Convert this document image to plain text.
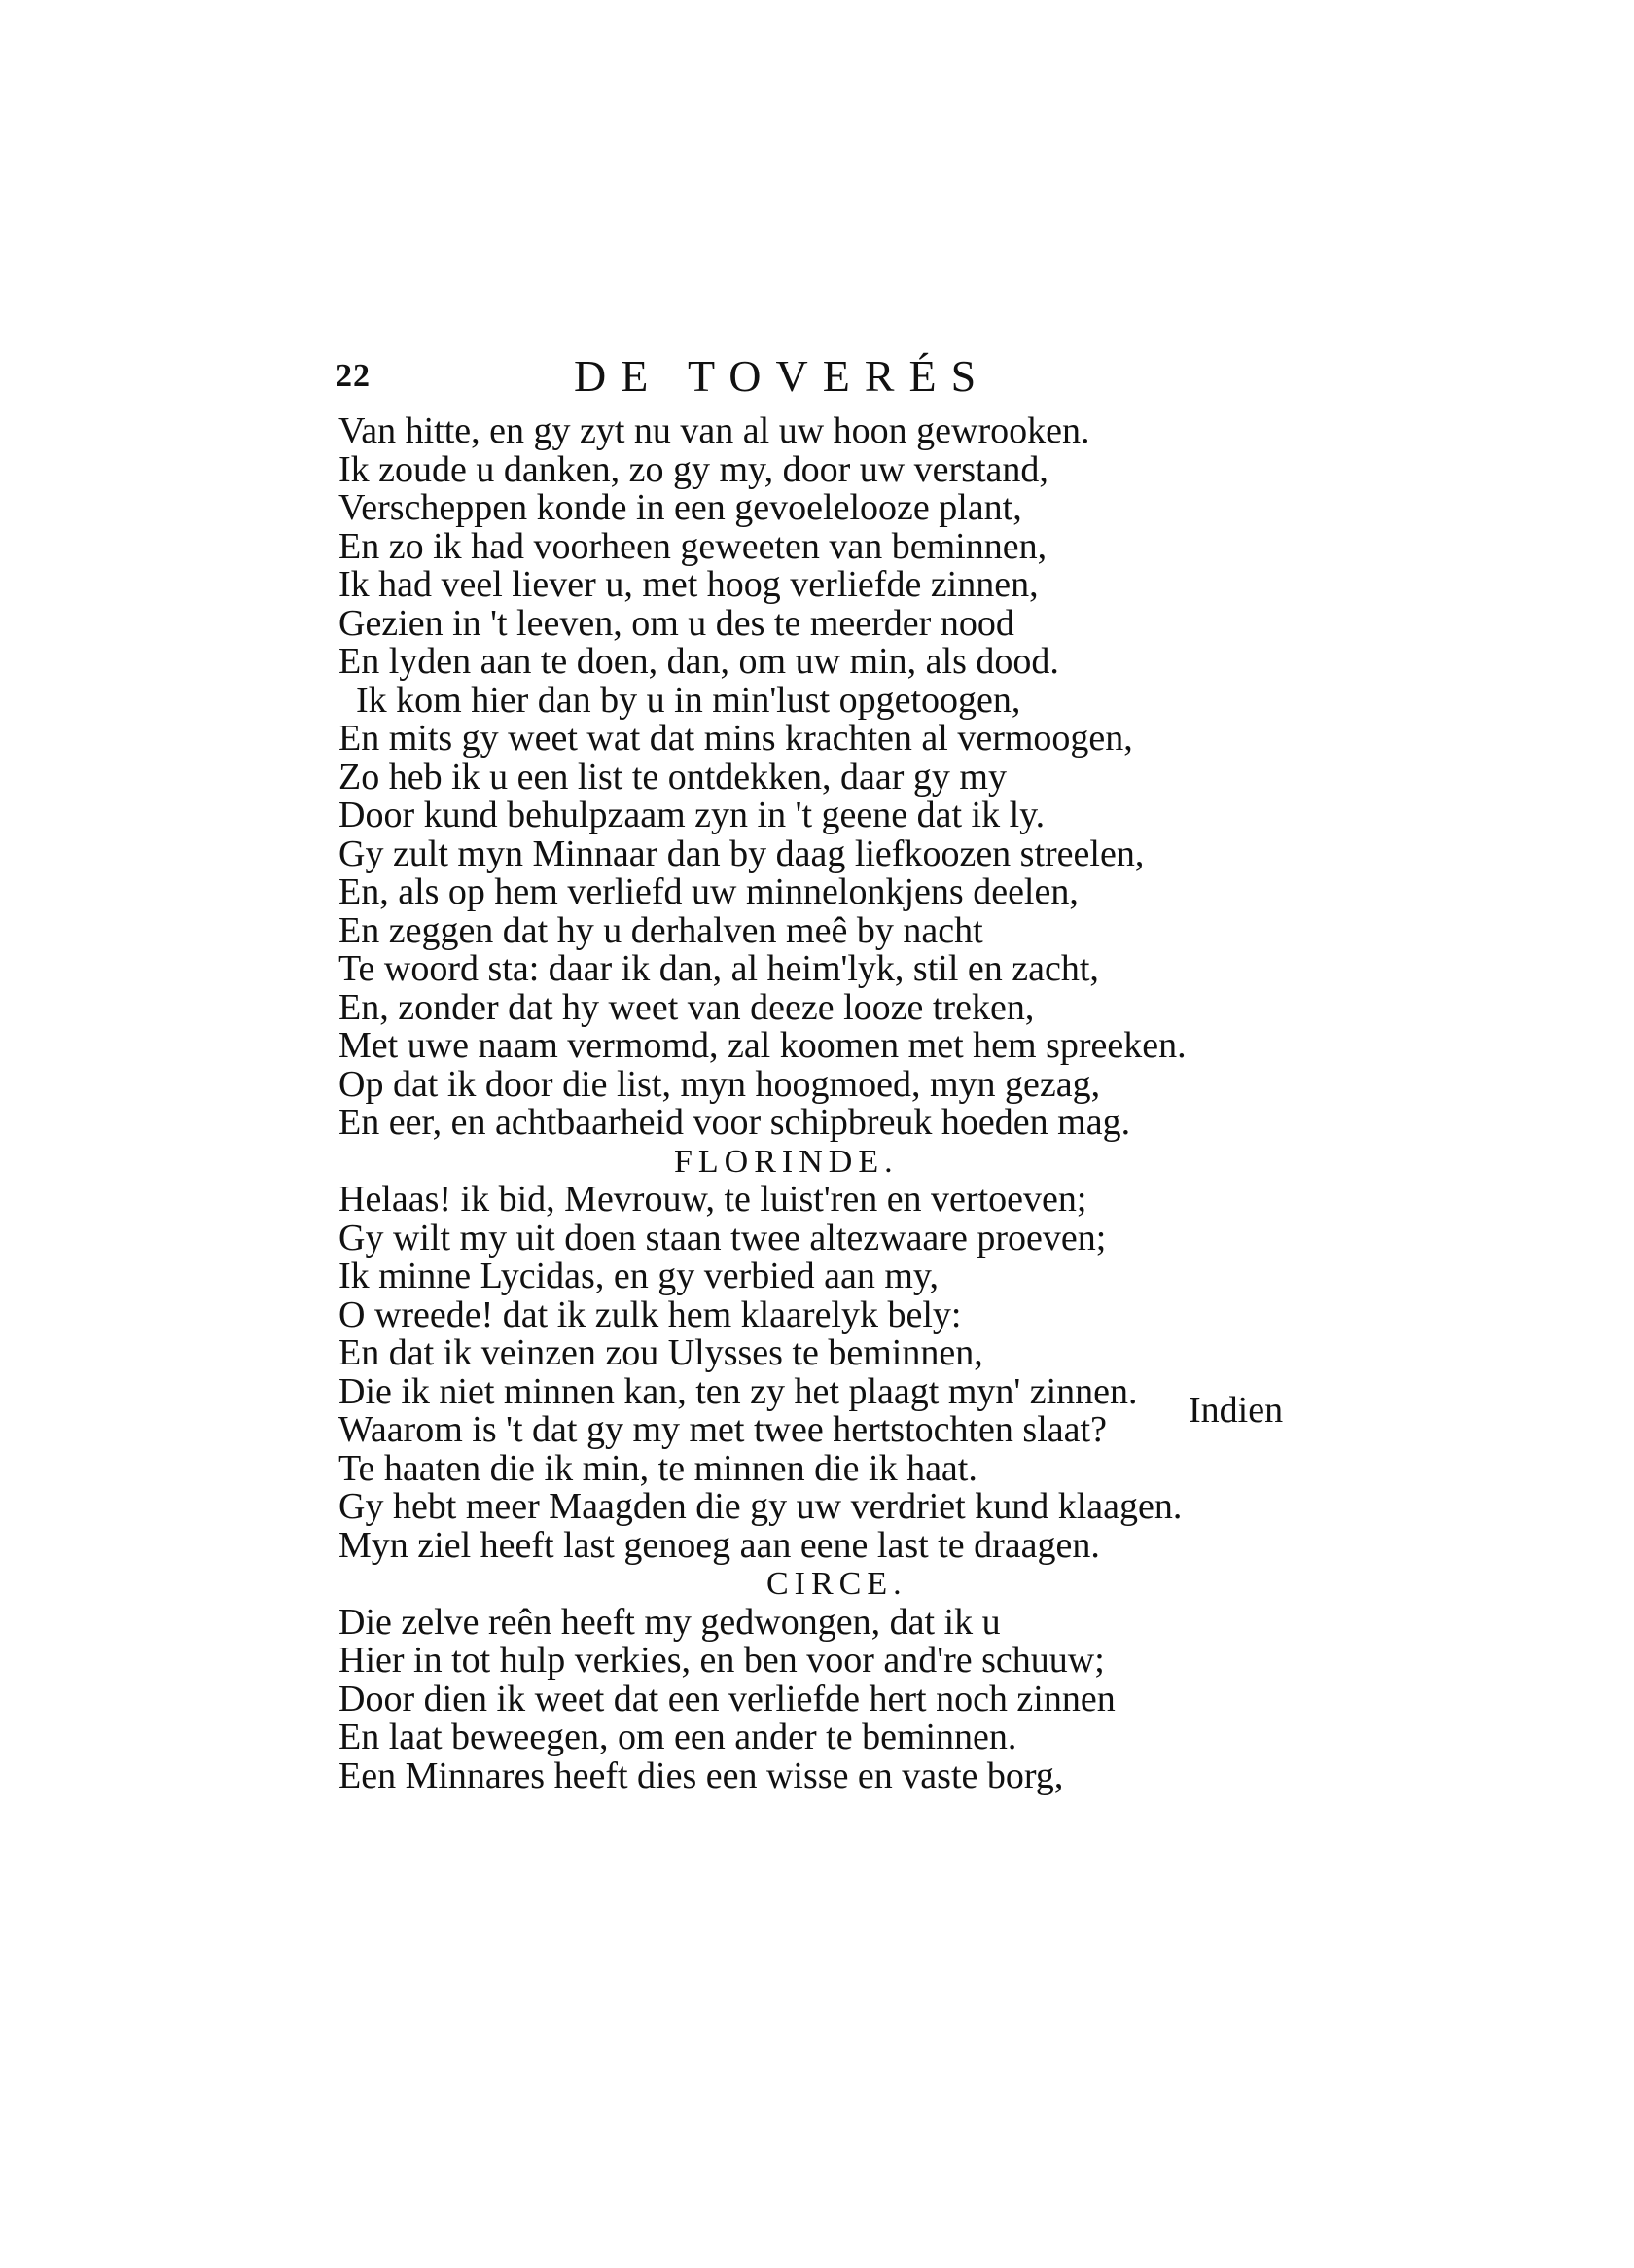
22	DE TOVERÉS
Van hitte, en gy zyt nu van al uw hoon gewrooken.
Ik zoude u danken, zo gy my, door uw verstand,
Verscheppen konde in een gevoelelooze plant,
En zo ik had voorheen geweeten van beminnen,
Ik had veel liever u, met hoog verliefde zinnen,
Gezien in 't leeven, om u des te meerder nood
En lyden aan te doen, dan, om uw min, als dood.
Ik kom hier dan by u in min'lust opgetoogen,
En mits gy weet wat dat mins krachten al vermoogen,
Zo heb ik u een list te ontdekken, daar gy my
Door kund behulpzaam zyn in 't geene dat ik ly.
Gy zult myn Minnaar dan by daag liefkoozen streelen,
En, als op hem verliefd uw minnelonkjens deelen,
En zeggen dat hy u derhalven meê by nacht
Te woord sta: daar ik dan, al heim'lyk, stil en zacht,
En, zonder dat hy weet van deeze looze treken,
Met uwe naam vermomd, zal koomen met hem spreeken.
Op dat ik door die list, myn hoogmoed, myn gezag,
En eer, en achtbaarheid voor schipbreuk hoeden mag.
FLORINDE.
Helaas! ik bid, Mevrouw, te luist'ren en vertoeven;
Gy wilt my uit doen staan twee altezwaare proeven;
Ik minne Lycidas, en gy verbied aan my,
O wreede! dat ik zulk hem klaarelyk bely:
En dat ik veinzen zou Ulysses te beminnen,
Die ik niet minnen kan, ten zy het plaagt myn' zinnen.
Waarom is 't dat gy my met twee hertstochten slaat?
Te haaten die ik min, te minnen die ik haat.
Gy hebt meer Maagden die gy uw verdriet kund klaagen.
Myn ziel heeft last genoeg aan eene last te draagen.
CIRCE.
Die zelve reên heeft my gedwongen, dat ik u
Hier in tot hulp verkies, en ben voor and're schuuw;
Door dien ik weet dat een verliefde hert noch zinnen
En laat beweegen, om een ander te beminnen.
Een Minnares heeft dies een wisse en vaste borg,
Indien
